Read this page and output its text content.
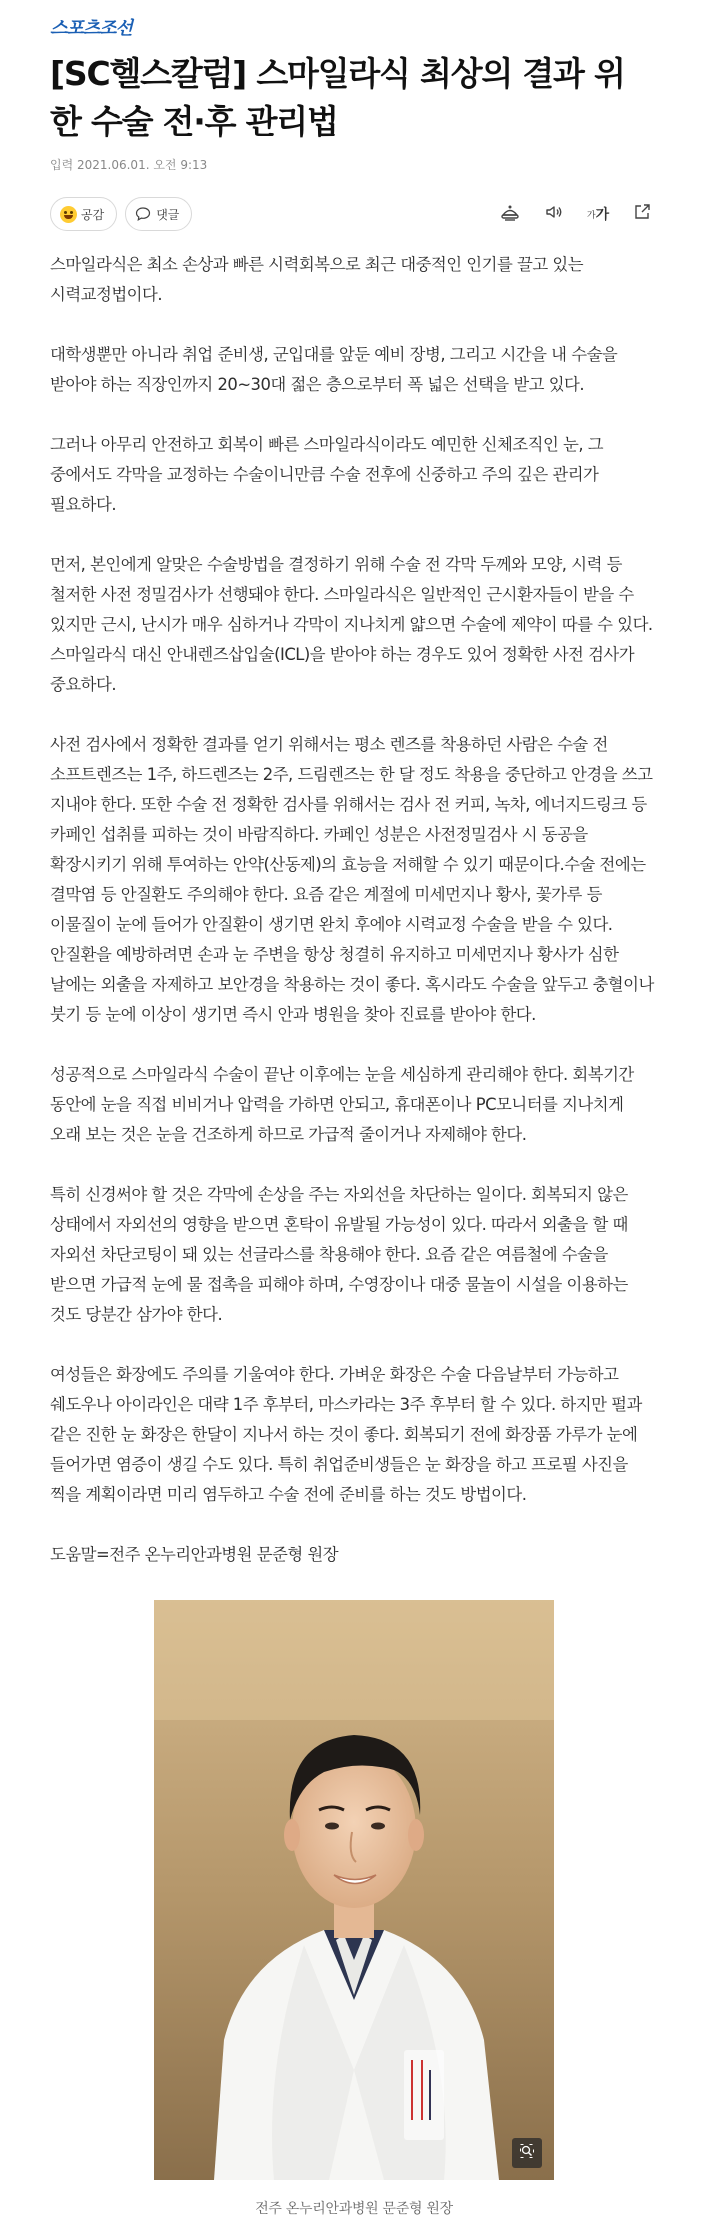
스포츠조선
[SC헬스칼럼] 스마일라식 최상의 결과 위한 수술 전·후 관리법
입력 2021.06.01. 오전 9:13
공감	댓글	가 가

스마일라식은 최소 손상과 빠른 시력회복으로 최근 대중적인 인기를 끌고 있는 시력교정법이다.

대학생뿐만 아니라 취업 준비생, 군입대를 앞둔 예비 장병, 그리고 시간을 내 수술을 받아야 하는 직장인까지 20~30대 젊은 층으로부터 폭 넓은 선택을 받고 있다.

그러나 아무리 안전하고 회복이 빠른 스마일라식이라도 예민한 신체조직인 눈, 그 중에서도 각막을 교정하는 수술이니만큼 수술 전후에 신중하고 주의 깊은 관리가 필요하다.

먼저, 본인에게 알맞은 수술방법을 결정하기 위해 수술 전 각막 두께와 모양, 시력 등 철저한 사전 정밀검사가 선행돼야 한다. 스마일라식은 일반적인 근시환자들이 받을 수 있지만 근시, 난시가 매우 심하거나 각막이 지나치게 얇으면 수술에 제약이 따를 수 있다. 스마일라식 대신 안내렌즈삽입술(ICL)을 받아야 하는 경우도 있어 정확한 사전 검사가 중요하다.

사전 검사에서 정확한 결과를 얻기 위해서는 평소 렌즈를 착용하던 사람은 수술 전 소프트렌즈는 1주, 하드렌즈는 2주, 드림렌즈는 한 달 정도 착용을 중단하고 안경을 쓰고 지내야 한다. 또한 수술 전 정확한 검사를 위해서는 검사 전 커피, 녹차, 에너지드링크 등 카페인 섭취를 피하는 것이 바람직하다. 카페인 성분은 사전정밀검사 시 동공을 확장시키기 위해 투여하는 안약(산동제)의 효능을 저해할 수 있기 때문이다.수술 전에는 결막염 등 안질환도 주의해야 한다. 요즘 같은 계절에 미세먼지나 황사, 꽃가루 등 이물질이 눈에 들어가 안질환이 생기면 완치 후에야 시력교정 수술을 받을 수 있다. 안질환을 예방하려면 손과 눈 주변을 항상 청결히 유지하고 미세먼지나 황사가 심한 날에는 외출을 자제하고 보안경을 착용하는 것이 좋다. 혹시라도 수술을 앞두고 충혈이나 붓기 등 눈에 이상이 생기면 즉시 안과 병원을 찾아 진료를 받아야 한다.

성공적으로 스마일라식 수술이 끝난 이후에는 눈을 세심하게 관리해야 한다. 회복기간 동안에 눈을 직접 비비거나 압력을 가하면 안되고, 휴대폰이나 PC모니터를 지나치게 오래 보는 것은 눈을 건조하게 하므로 가급적 줄이거나 자제해야 한다.

특히 신경써야 할 것은 각막에 손상을 주는 자외선을 차단하는 일이다. 회복되지 않은 상태에서 자외선의 영향을 받으면 혼탁이 유발될 가능성이 있다. 따라서 외출을 할 때 자외선 차단코팅이 돼 있는 선글라스를 착용해야 한다. 요즘 같은 여름철에 수술을 받으면 가급적 눈에 물 접촉을 피해야 하며, 수영장이나 대중 물놀이 시설을 이용하는 것도 당분간 삼가야 한다.

여성들은 화장에도 주의를 기울여야 한다. 가벼운 화장은 수술 다음날부터 가능하고 쉐도우나 아이라인은 대략 1주 후부터, 마스카라는 3주 후부터 할 수 있다. 하지만 펄과 같은 진한 눈 화장은 한달이 지나서 하는 것이 좋다. 회복되기 전에 화장품 가루가 눈에 들어가면 염증이 생길 수도 있다. 특히 취업준비생들은 눈 화장을 하고 프로필 사진을 찍을 계획이라면 미리 염두하고 수술 전에 준비를 하는 것도 방법이다.

도움말=전주 온누리안과병원 문준형 원장

전주 온누리안과병원 문준형 원장
